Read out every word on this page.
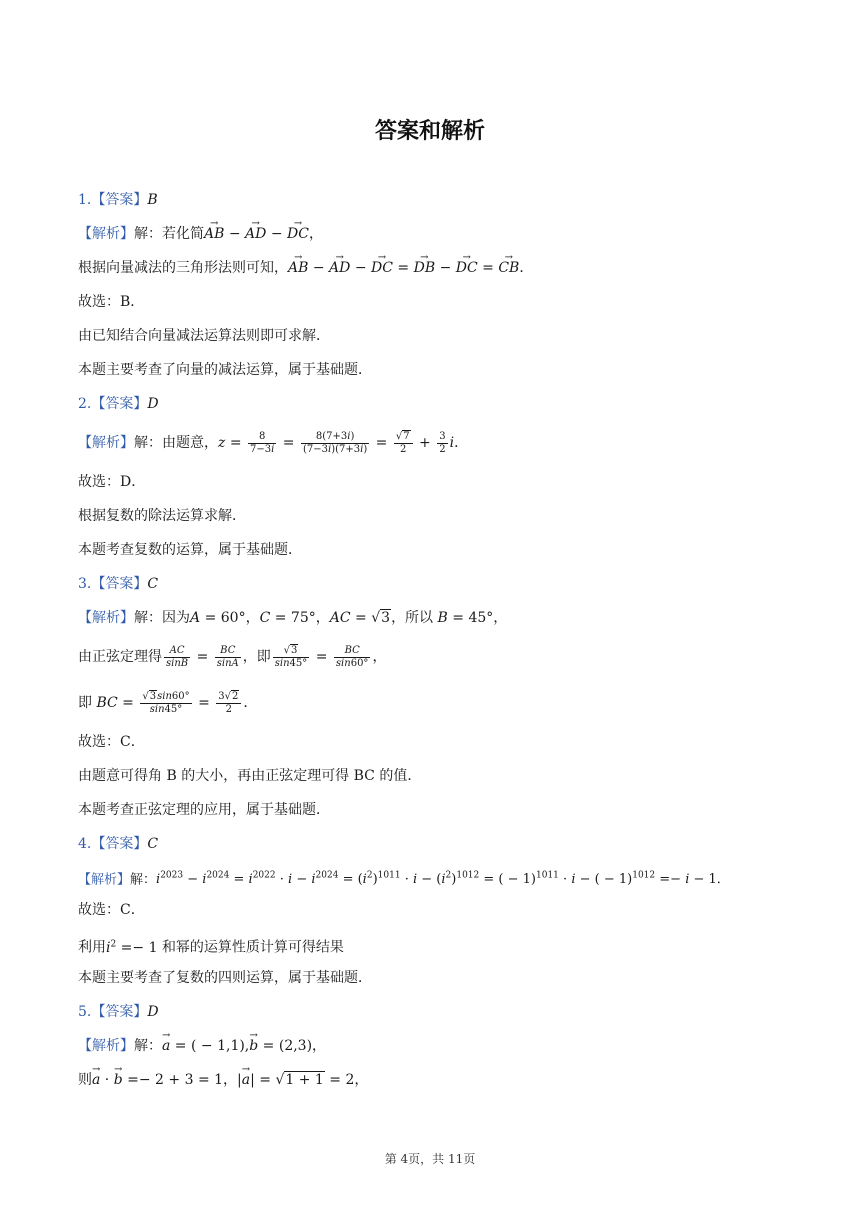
答案和解析
1.【答案】B
【解析】解：若化简→ AB − → AD − → DC，
根据向量减法的三角形法则可知，→ AB − → AD − → DC = → DB − → DC = → CB．
故选：B．
由已知结合向量减法运算法则即可求解．
本题主要考查了向量的减法运算，属于基础题．
2.【答案】D
【解析】解：由题意，$z = \frac{8}{7-3i} = \frac{8(7+3i)}{(7-3i)(7+3i)} = \frac{√7}{2} + \frac{3}{2}$ i．
故选：D．
根据复数的除法运算求解．
本题考查复数的运算，属于基础题．
3.【答案】C
【解析】解：因为A = 60°，C = 75°，AC = √3，所以 B = 45°，
由正弦定理得 $\frac{AC}{\sin B} = \frac{BC}{\sin A}$ ，即 $\frac{√3}{\sin 45^\circ} = \frac{BC}{\sin 60^\circ}$ ，
即 BC = $\frac{√3\sin 60^\circ}{\sin 45^\circ} = \frac{3√2}{2}$ ．
故选：C．
由题意可得角 B 的大小，再由正弦定理可得 BC 的值．
本题考查正弦定理的应用，属于基础题．
4.【答案】C
【解析】解：$i^{2023} - i^{2024} = i^{2022} \cdot i - i^{2024} = (i^2)^{1011} \cdot i - (i^2)^{1012}$ = ( − 1)$^{1011}$ · i − ( − 1)$^{1012}$ =− i − 1．
故选：C．
利用$i^2 =- 1$ 和幂的运算性质计算可得结果
本题主要考查了复数的四则运算，属于基础题．
5.【答案】D
【解析】解：→ a = ( − 1,1),→ b = (2,3)，
则→ a · → b =− 2 + 3 = 1，|→ a| = √1 + 1 = 2，
第 4页，共 11页
